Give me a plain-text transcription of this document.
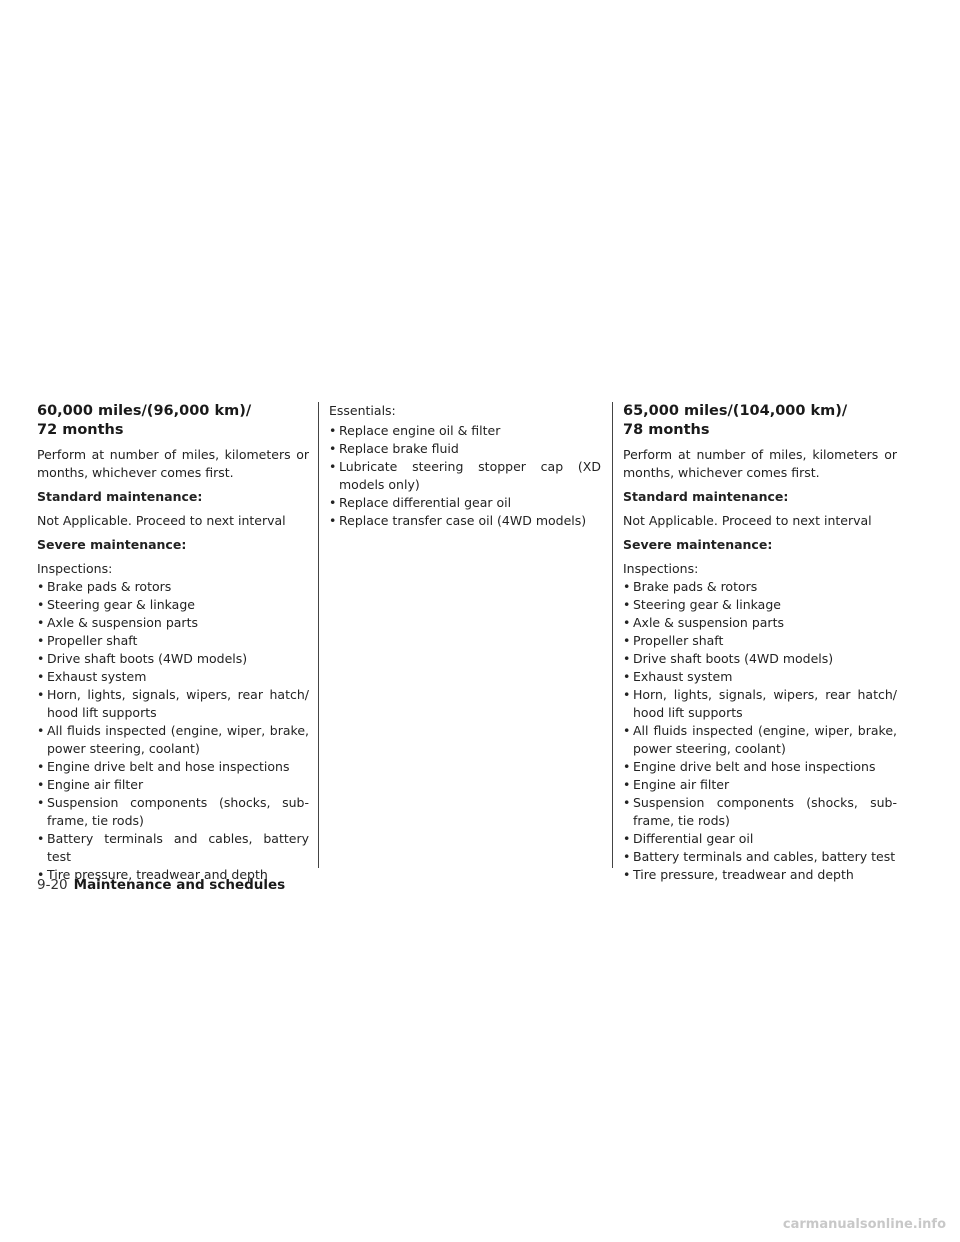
60,000 miles/(96,000 km)/
72 months

Perform at number of miles, kilometers or months, whichever comes first.

Standard maintenance:

Not Applicable. Proceed to next interval

Severe maintenance:

Inspections:

• Brake pads & rotors
• Steering gear & linkage
• Axle & suspension parts
• Propeller shaft
• Drive shaft boots (4WD models)
• Exhaust system
• Horn, lights, signals, wipers, rear hatch/ hood lift supports
• All fluids inspected (engine, wiper, brake, power steering, coolant)
• Engine drive belt and hose inspections
• Engine air filter
• Suspension components (shocks, sub-frame, tie rods)
• Battery terminals and cables, battery test
• Tire pressure, treadwear and depth

Essentials:

• Replace engine oil & filter
• Replace brake fluid
• Lubricate steering stopper cap (XD models only)
• Replace differential gear oil
• Replace transfer case oil (4WD models)
65,000 miles/(104,000 km)/
78 months

Perform at number of miles, kilometers or months, whichever comes first.

Standard maintenance:

Not Applicable. Proceed to next interval

Severe maintenance:

Inspections:

• Brake pads & rotors
• Steering gear & linkage
• Axle & suspension parts
• Propeller shaft
• Drive shaft boots (4WD models)
• Exhaust system
• Horn, lights, signals, wipers, rear hatch/ hood lift supports
• All fluids inspected (engine, wiper, brake, power steering, coolant)
• Engine drive belt and hose inspections
• Engine air filter
• Suspension components (shocks, sub-frame, tie rods)
• Differential gear oil
• Battery terminals and cables, battery test
• Tire pressure, treadwear and depth
9-20 Maintenance and schedules
carmanualsonline.info
